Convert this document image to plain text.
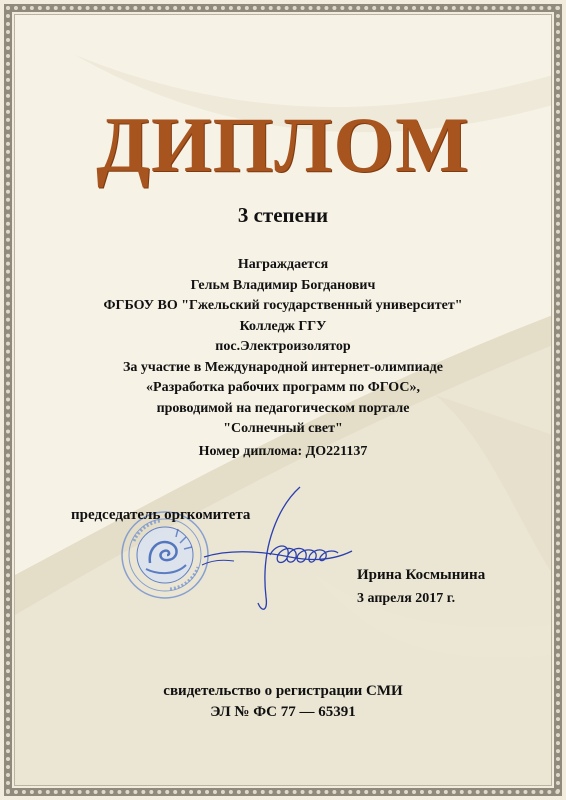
ДИПЛОМ
3 степени
Награждается
Гельм Владимир Богданович
ФГБОУ ВО "Гжельский государственный университет"
Колледж ГГУ
пос.Электроизолятор
За участие в Международной интернет-олимпиаде
«Разработка рабочих программ по ФГОС»,
проводимой на педагогическом портале
"Солнечный свет"
Номер диплома: ДО221137
председатель оргкомитета
Ирина Космынина
3 апреля 2017 г.
свидетельство о регистрации СМИ
ЭЛ № ФС 77 — 65391
